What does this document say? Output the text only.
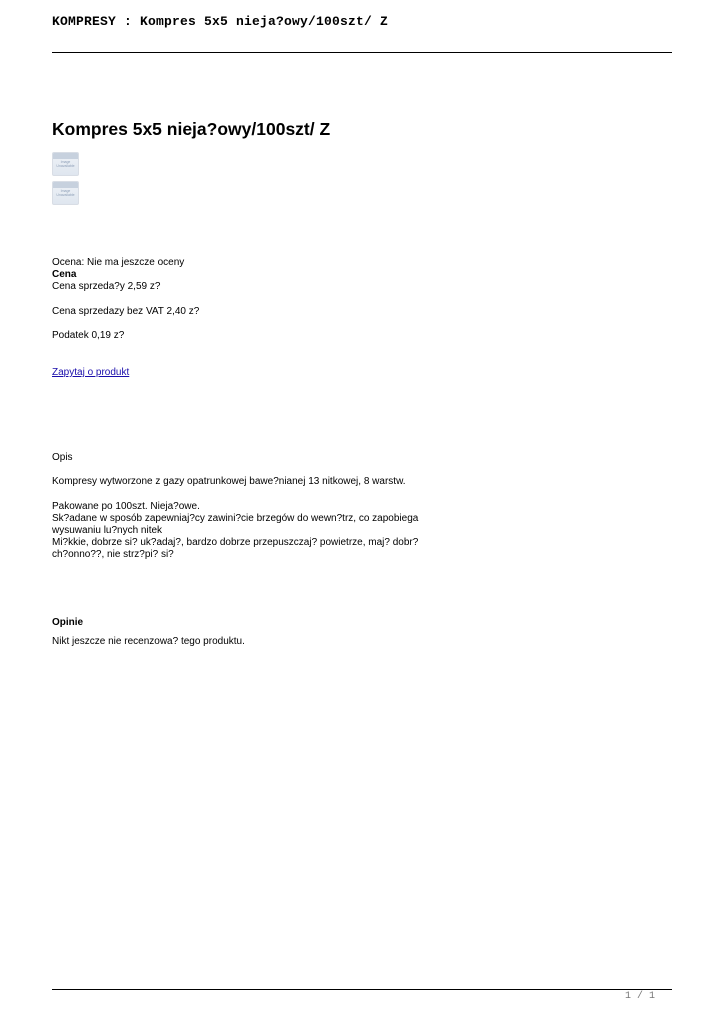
KOMPRESY : Kompres 5x5 nieja?owy/100szt/ Z
Kompres 5x5 nieja?owy/100szt/ Z
Image Unavailable
Image Unavailable
Ocena: Nie ma jeszcze oceny
Cena
Cena sprzeda?y 2,59 z?
Cena sprzedazy bez VAT 2,40 z?
Podatek 0,19 z?
Zapytaj o produkt
Opis
Kompresy wytworzone z gazy opatrunkowej bawe?nianej 13 nitkowej, 8 warstw.
Pakowane po 100szt. Nieja?owe.
Sk?adane w sposób zapewniaj?cy zawini?cie brzegów do wewn?trz, co zapobiega
wysuwaniu lu?nych nitek
Mi?kkie, dobrze si? uk?adaj?, bardzo dobrze przepuszczaj? powietrze, maj? dobr?
ch?onno??, nie strz?pi? si?
Opinie
Nikt jeszcze nie recenzowa? tego produktu.
1 / 1
